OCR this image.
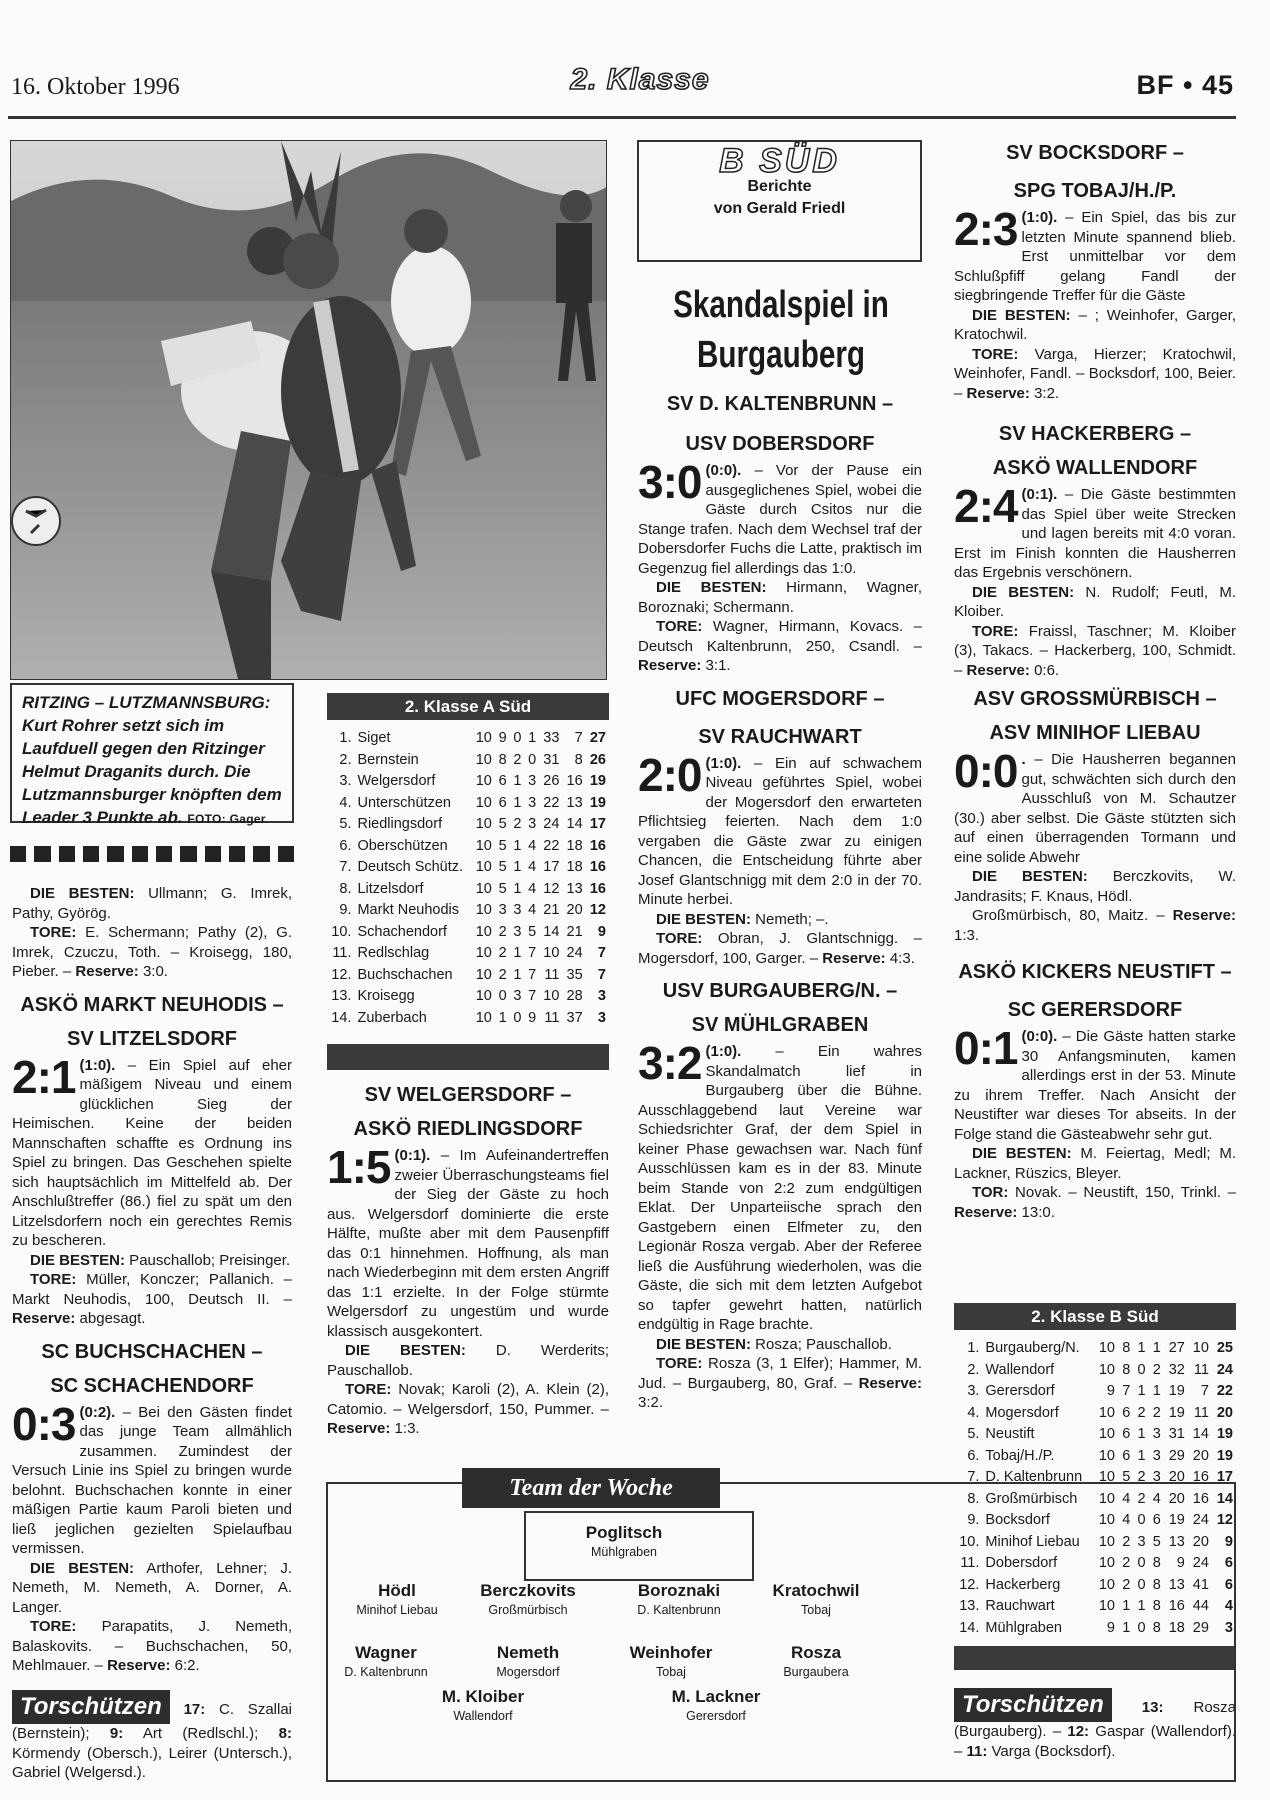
16. Oktober 1996	2. Klasse	BF • 45
RITZING – LUTZMANNSBURG: Kurt Rohrer setzt sich im Laufduell gegen den Ritzinger Helmut Draganits durch. Die Lutzmannsburger knöpften dem Leader 3 Punkte ab. FOTO: Gager

DIE BESTEN: Ullmann; G. Imrek, Pathy, Györög.

TORE: E. Schermann; Pathy (2), G. Imrek, Czuczu, Toth. – Kroisegg, 180, Pieber. – Reserve: 3:0.

ASKÖ MARKT NEUHODIS –
SV LITZELSDORF

2:1 (1:0). – Ein Spiel auf eher mäßigem Niveau und einem glücklichen Sieg der Heimischen. Keine der beiden Mannschaften schaffte es Ordnung ins Spiel zu bringen. Das Geschehen spielte sich hauptsächlich im Mittelfeld ab. Der Anschlußtreffer (86.) fiel zu spät um den Litzelsdorfern noch ein gerechtes Remis zu bescheren.

DIE BESTEN: Pauschallob; Preisinger.

TORE: Müller, Konczer; Pallanich. – Markt Neuhodis, 100, Deutsch II. – Reserve: abgesagt.

SC BUCHSCHACHEN –
SC SCHACHENDORF

0:3 (0:2). – Bei den Gästen findet das junge Team allmählich zusammen. Zumindest der Versuch Linie ins Spiel zu bringen wurde belohnt. Buchschachen konnte in einer mäßigen Partie kaum Paroli bieten und ließ jeglichen gezielten Spielaufbau vermissen.

DIE BESTEN: Arthofer, Lehner; J. Nemeth, M. Nemeth, A. Dorner, A. Langer.

TORE: Parapatits, J. Nemeth, Balaskovits. – Buchschachen, 50, Mehlmauer. – Reserve: 6:2.

Torschützen 17: C. Szallai (Bernstein); 9: Art (Redlschl.); 8: Körmendy (Obersch.), Leirer (Untersch.), Gabriel (Welgersd.).

2. Klasse A Süd
1.	Siget	10	9	0	1	33	7	27
2.	Bernstein	10	8	2	0	31	8	26
3.	Welgersdorf	10	6	1	3	26	16	19
4.	Unterschützen	10	6	1	3	22	13	19
5.	Riedlingsdorf	10	5	2	3	24	14	17
6.	Oberschützen	10	5	1	4	22	18	16
7.	Deutsch Schütz.	10	5	1	4	17	18	16
8.	Litzelsdorf	10	5	1	4	12	13	16
9.	Markt Neuhodis	10	3	3	4	21	20	12
10.	Schachendorf	10	2	3	5	14	21	9
11.	Redlschlag	10	2	1	7	10	24	7
12.	Buchschachen	10	2	1	7	11	35	7
13.	Kroisegg	10	0	3	7	10	28	3
14.	Zuberbach	10	1	0	9	11	37	3
SV WELGERSDORF –
ASKÖ RIEDLINGSDORF

1:5 (0:1). – Im Aufeinandertreffen zweier Überraschungsteams fiel der Sieg der Gäste zu hoch aus. Welgersdorf dominierte die erste Hälfte, mußte aber mit dem Pausenpfiff das 0:1 hinnehmen. Hoffnung, als man nach Wiederbeginn mit dem ersten Angriff das 1:1 erzielte. In der Folge stürmte Welgersdorf zu ungestüm und wurde klassisch ausgekontert.

DIE BESTEN: D. Werderits; Pauschallob.

TORE: Novak; Karoli (2), A. Klein (2), Catomio. – Welgersdorf, 150, Pummer. – Reserve: 1:3.

B SÜD
Berichte
von Gerald Friedl
Skandalspiel in
Burgauberg
SV D. KALTENBRUNN –
USV DOBERSDORF

3:0 (0:0). – Vor der Pause ein ausgeglichenes Spiel, wobei die Gäste durch Csitos nur die Stange trafen. Nach dem Wechsel traf der Dobersdorfer Fuchs die Latte, praktisch im Gegenzug fiel allerdings das 1:0.

DIE BESTEN: Hirmann, Wagner, Boroznaki; Schermann.

TORE: Wagner, Hirmann, Kovacs. – Deutsch Kaltenbrunn, 250, Csandl. – Reserve: 3:1.

UFC MOGERSDORF –
SV RAUCHWART

2:0 (1:0). – Ein auf schwachem Niveau geführtes Spiel, wobei der Mogersdorf den erwarteten Pflichtsieg feierten. Nach dem 1:0 vergaben die Gäste zwar zu einigen Chancen, die Entscheidung führte aber Josef Glantschnigg mit dem 2:0 in der 70. Minute herbei.

DIE BESTEN: Nemeth; –.

TORE: Obran, J. Glantschnigg. – Mogersdorf, 100, Garger. – Reserve: 4:3.

USV BURGAUBERG/N. –
SV MÜHLGRABEN

3:2 (1:0). – Ein wahres Skandalmatch lief in Burgauberg über die Bühne. Ausschlaggebend laut Vereine war Schiedsrichter Graf, der dem Spiel in keiner Phase gewachsen war. Nach fünf Ausschlüssen kam es in der 83. Minute beim Stande von 2:2 zum endgültigen Eklat. Der Unparteiische sprach den Gastgebern einen Elfmeter zu, den Legionär Rosza vergab. Aber der Referee ließ die Ausführung wiederholen, was die Gäste, die sich mit dem letzten Aufgebot so tapfer gewehrt hatten, natürlich endgültig in Rage brachte.

DIE BESTEN: Rosza; Pauschallob.

TORE: Rosza (3, 1 Elfer); Hammer, M. Jud. – Burgauberg, 80, Graf. – Reserve: 3:2.

SV BOCKSDORF –
SPG TOBAJ/H./P.

2:3 (1:0). – Ein Spiel, das bis zur letzten Minute spannend blieb. Erst unmittelbar vor dem Schlußpfiff gelang Fandl der siegbringende Treffer für die Gäste

DIE BESTEN: – ; Weinhofer, Garger, Kratochwil.

TORE: Varga, Hierzer; Kratochwil, Weinhofer, Fandl. – Bocksdorf, 100, Beier. – Reserve: 3:2.

SV HACKERBERG –
ASKÖ WALLENDORF

2:4 (0:1). – Die Gäste bestimmten das Spiel über weite Strecken und lagen bereits mit 4:0 voran. Erst im Finish konnten die Hausherren das Ergebnis verschönern.

DIE BESTEN: N. Rudolf; Feutl, M. Kloiber.

TORE: Fraissl, Taschner; M. Kloiber (3), Takacs. – Hackerberg, 100, Schmidt. – Reserve: 0:6.

ASV GROSSMÜRBISCH –
ASV MINIHOF LIEBAU

0:0 . – Die Hausherren begannen gut, schwächten sich durch den Ausschluß von M. Schautzer (30.) aber selbst. Die Gäste stützten sich auf einen überragenden Tormann und eine solide Abwehr

DIE BESTEN: Berczkovits, W. Jandrasits; F. Knaus, Hödl.

Großmürbisch, 80, Maitz. – Reserve: 1:3.

ASKÖ KICKERS NEUSTIFT –
SC GERERSDORF

0:1 (0:0). – Die Gäste hatten starke 30 Anfangsminuten, kamen allerdings erst in der 53. Minute zu ihrem Treffer. Nach Ansicht der Neustifter war dieses Tor abseits. In der Folge stand die Gästeabwehr sehr gut.

DIE BESTEN: M. Feiertag, Medl; M. Lackner, Rüszics, Bleyer.

TOR: Novak. – Neustift, 150, Trinkl. – Reserve: 13:0.

2. Klasse B Süd
1.	Burgauberg/N.	10	8	1	1	27	10	25
2.	Wallendorf	10	8	0	2	32	11	24
3.	Gerersdorf	9	7	1	1	19	7	22
4.	Mogersdorf	10	6	2	2	19	11	20
5.	Neustift	10	6	1	3	31	14	19
6.	Tobaj/H./P.	10	6	1	3	29	20	19
7.	D. Kaltenbrunn	10	5	2	3	20	16	17
8.	Großmürbisch	10	4	2	4	20	16	14
9.	Bocksdorf	10	4	0	6	19	24	12
10.	Minihof Liebau	10	2	3	5	13	20	9
11.	Dobersdorf	10	2	0	8	9	24	6
12.	Hackerberg	10	2	0	8	13	41	6
13.	Rauchwart	10	1	1	8	16	44	4
14.	Mühlgraben	9	1	0	8	18	29	3

Torschützen	13: Rosza (Burgauberg). – 12: Gaspar (Wallendorf). – 11: Varga (Bocksdorf).

Team der Woche
Poglitsch
Mühlgraben
Hödl
Minihof Liebau
Berczkovits
Großmürbisch
Boroznaki
D. Kaltenbrunn
Kratochwil
Tobaj
Wagner
D. Kaltenbrunn
Nemeth
Mogersdorf
Weinhofer
Tobaj
Rosza
Burgaubera
M. Kloiber
Wallendorf
M. Lackner
Gerersdorf
